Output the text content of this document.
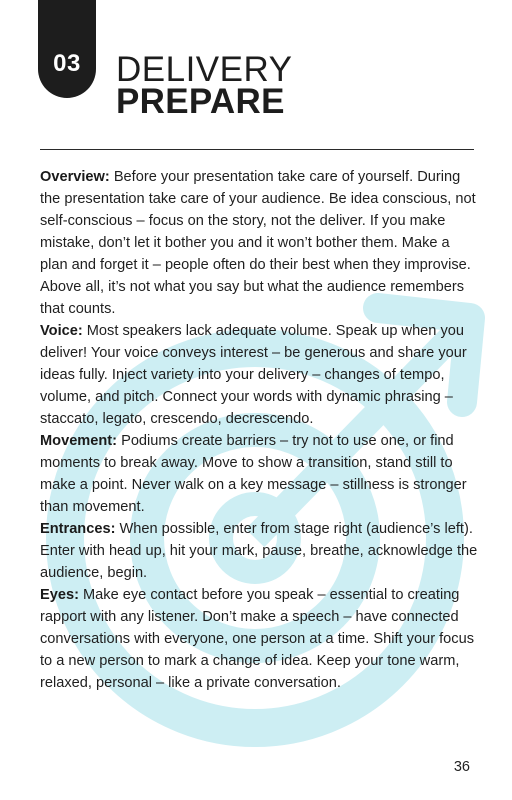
03	DELIVERY
PREPARE

Overview: Before your presentation take care of yourself. During the presentation take care of your audience. Be idea conscious, not self-conscious – focus on the story, not the deliver. If you make mistake, don’t let it bother you and it won’t bother them. Make a plan and forget it – people often do their best when they improvise. Above all, it’s not what you say but what the audience remembers that counts.

Voice: Most speakers lack adequate volume. Speak up when you deliver! Your voice conveys interest – be generous and share your ideas fully. Inject variety into your delivery – changes of tempo, volume, and pitch. Connect your words with dynamic phrasing – staccato, legato, crescendo, decrescendo.

Movement: Podiums create barriers – try not to use one, or find moments to break away. Move to show a transition, stand still to make a point. Never walk on a key message – stillness is stronger than movement.

Entrances: When possible, enter from stage right (audience’s left). Enter with head up, hit your mark, pause, breathe, acknowledge the audience, begin.

Eyes: Make eye contact before you speak – essential to creating rapport with any listener. Don’t make a speech – have connected conversations with everyone, one person at a time. Shift your focus to a new person to mark a change of idea. Keep your tone warm, relaxed, personal – like a private conversation.

36
